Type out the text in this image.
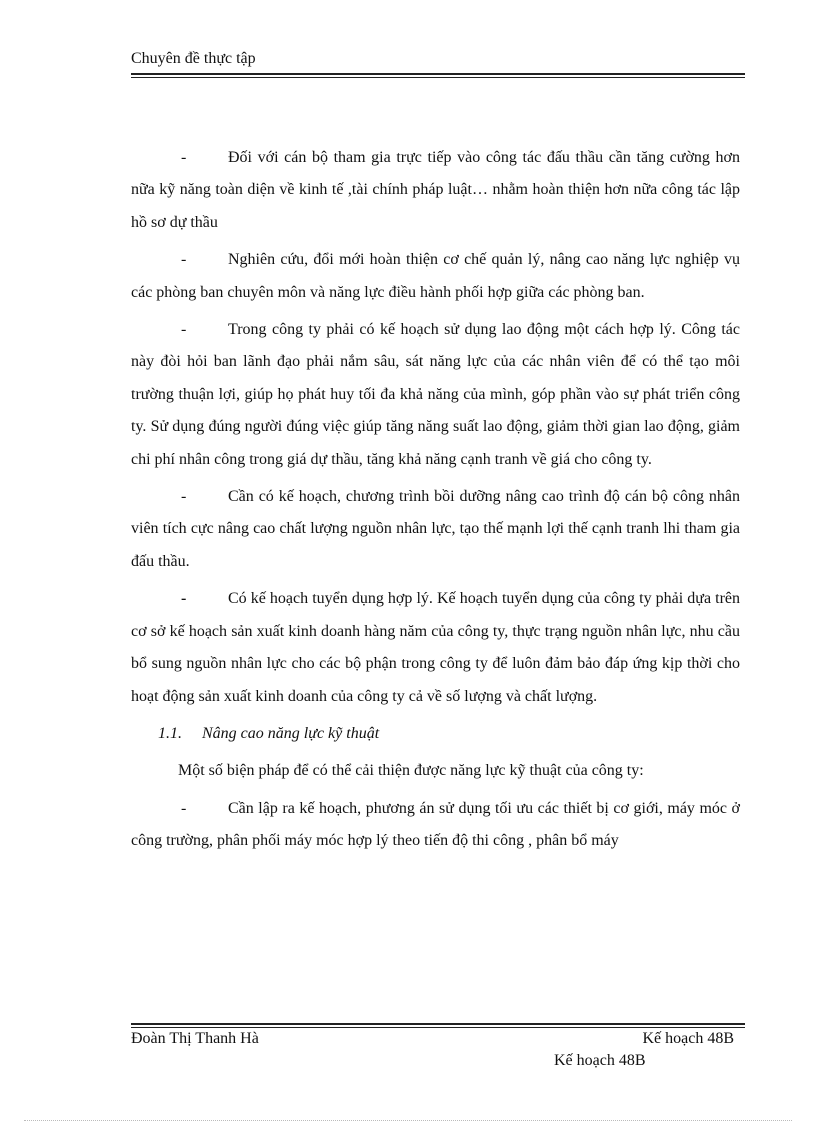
Chuyên đề thực tập

-	Đối với cán bộ tham gia trực tiếp vào công tác đấu thầu cần tăng cường hơn nữa kỹ năng toàn diện về kinh tế ,tài chính pháp luật… nhằm hoàn thiện hơn nữa công tác lập hồ sơ dự thầu

-	Nghiên cứu, đổi mới hoàn thiện cơ chế quản lý, nâng cao năng lực nghiệp vụ các phòng ban chuyên môn và năng lực điều hành phối hợp giữa các phòng ban.

-	Trong công ty phải có kế hoạch sử dụng lao động một cách hợp lý. Công tác này đòi hỏi ban lãnh đạo phải nắm sâu, sát năng lực của các nhân viên để có thể tạo môi trường thuận lợi, giúp họ phát huy tối đa khả năng của mình, góp phần vào sự phát triển công ty. Sử dụng đúng người đúng việc giúp tăng năng suất lao động, giảm thời gian lao động, giảm chi phí nhân công trong giá dự thầu, tăng khả năng cạnh tranh về giá cho công ty.

-	Cần có kế hoạch, chương trình bồi dưỡng nâng cao trình độ cán bộ công nhân viên tích cực nâng cao chất lượng nguồn nhân lực, tạo thế mạnh lợi thế cạnh tranh lhi tham gia đấu thầu.

-	Có kế hoạch tuyển dụng hợp lý. Kế hoạch tuyển dụng của công ty phải dựa trên cơ sở kế hoạch sản xuất kinh doanh hàng năm của công ty, thực trạng nguồn nhân lực, nhu cầu bổ sung nguồn nhân lực cho các bộ phận trong công ty để luôn đảm bảo đáp ứng kịp thời cho hoạt động sản xuất kinh doanh của công ty cả về số lượng và chất lượng.

1.1. Nâng cao năng lực kỹ thuật

Một số biện pháp để có thể cải thiện được năng lực kỹ thuật của công ty:

-	Cần lập ra kế hoạch, phương án sử dụng tối ưu các thiết bị cơ giới, máy móc ở công trường, phân phối máy móc hợp lý theo tiến độ thi công , phân bổ máy

Đoàn Thị Thanh Hà	Kế hoạch 48B
Kế hoạch 48B
